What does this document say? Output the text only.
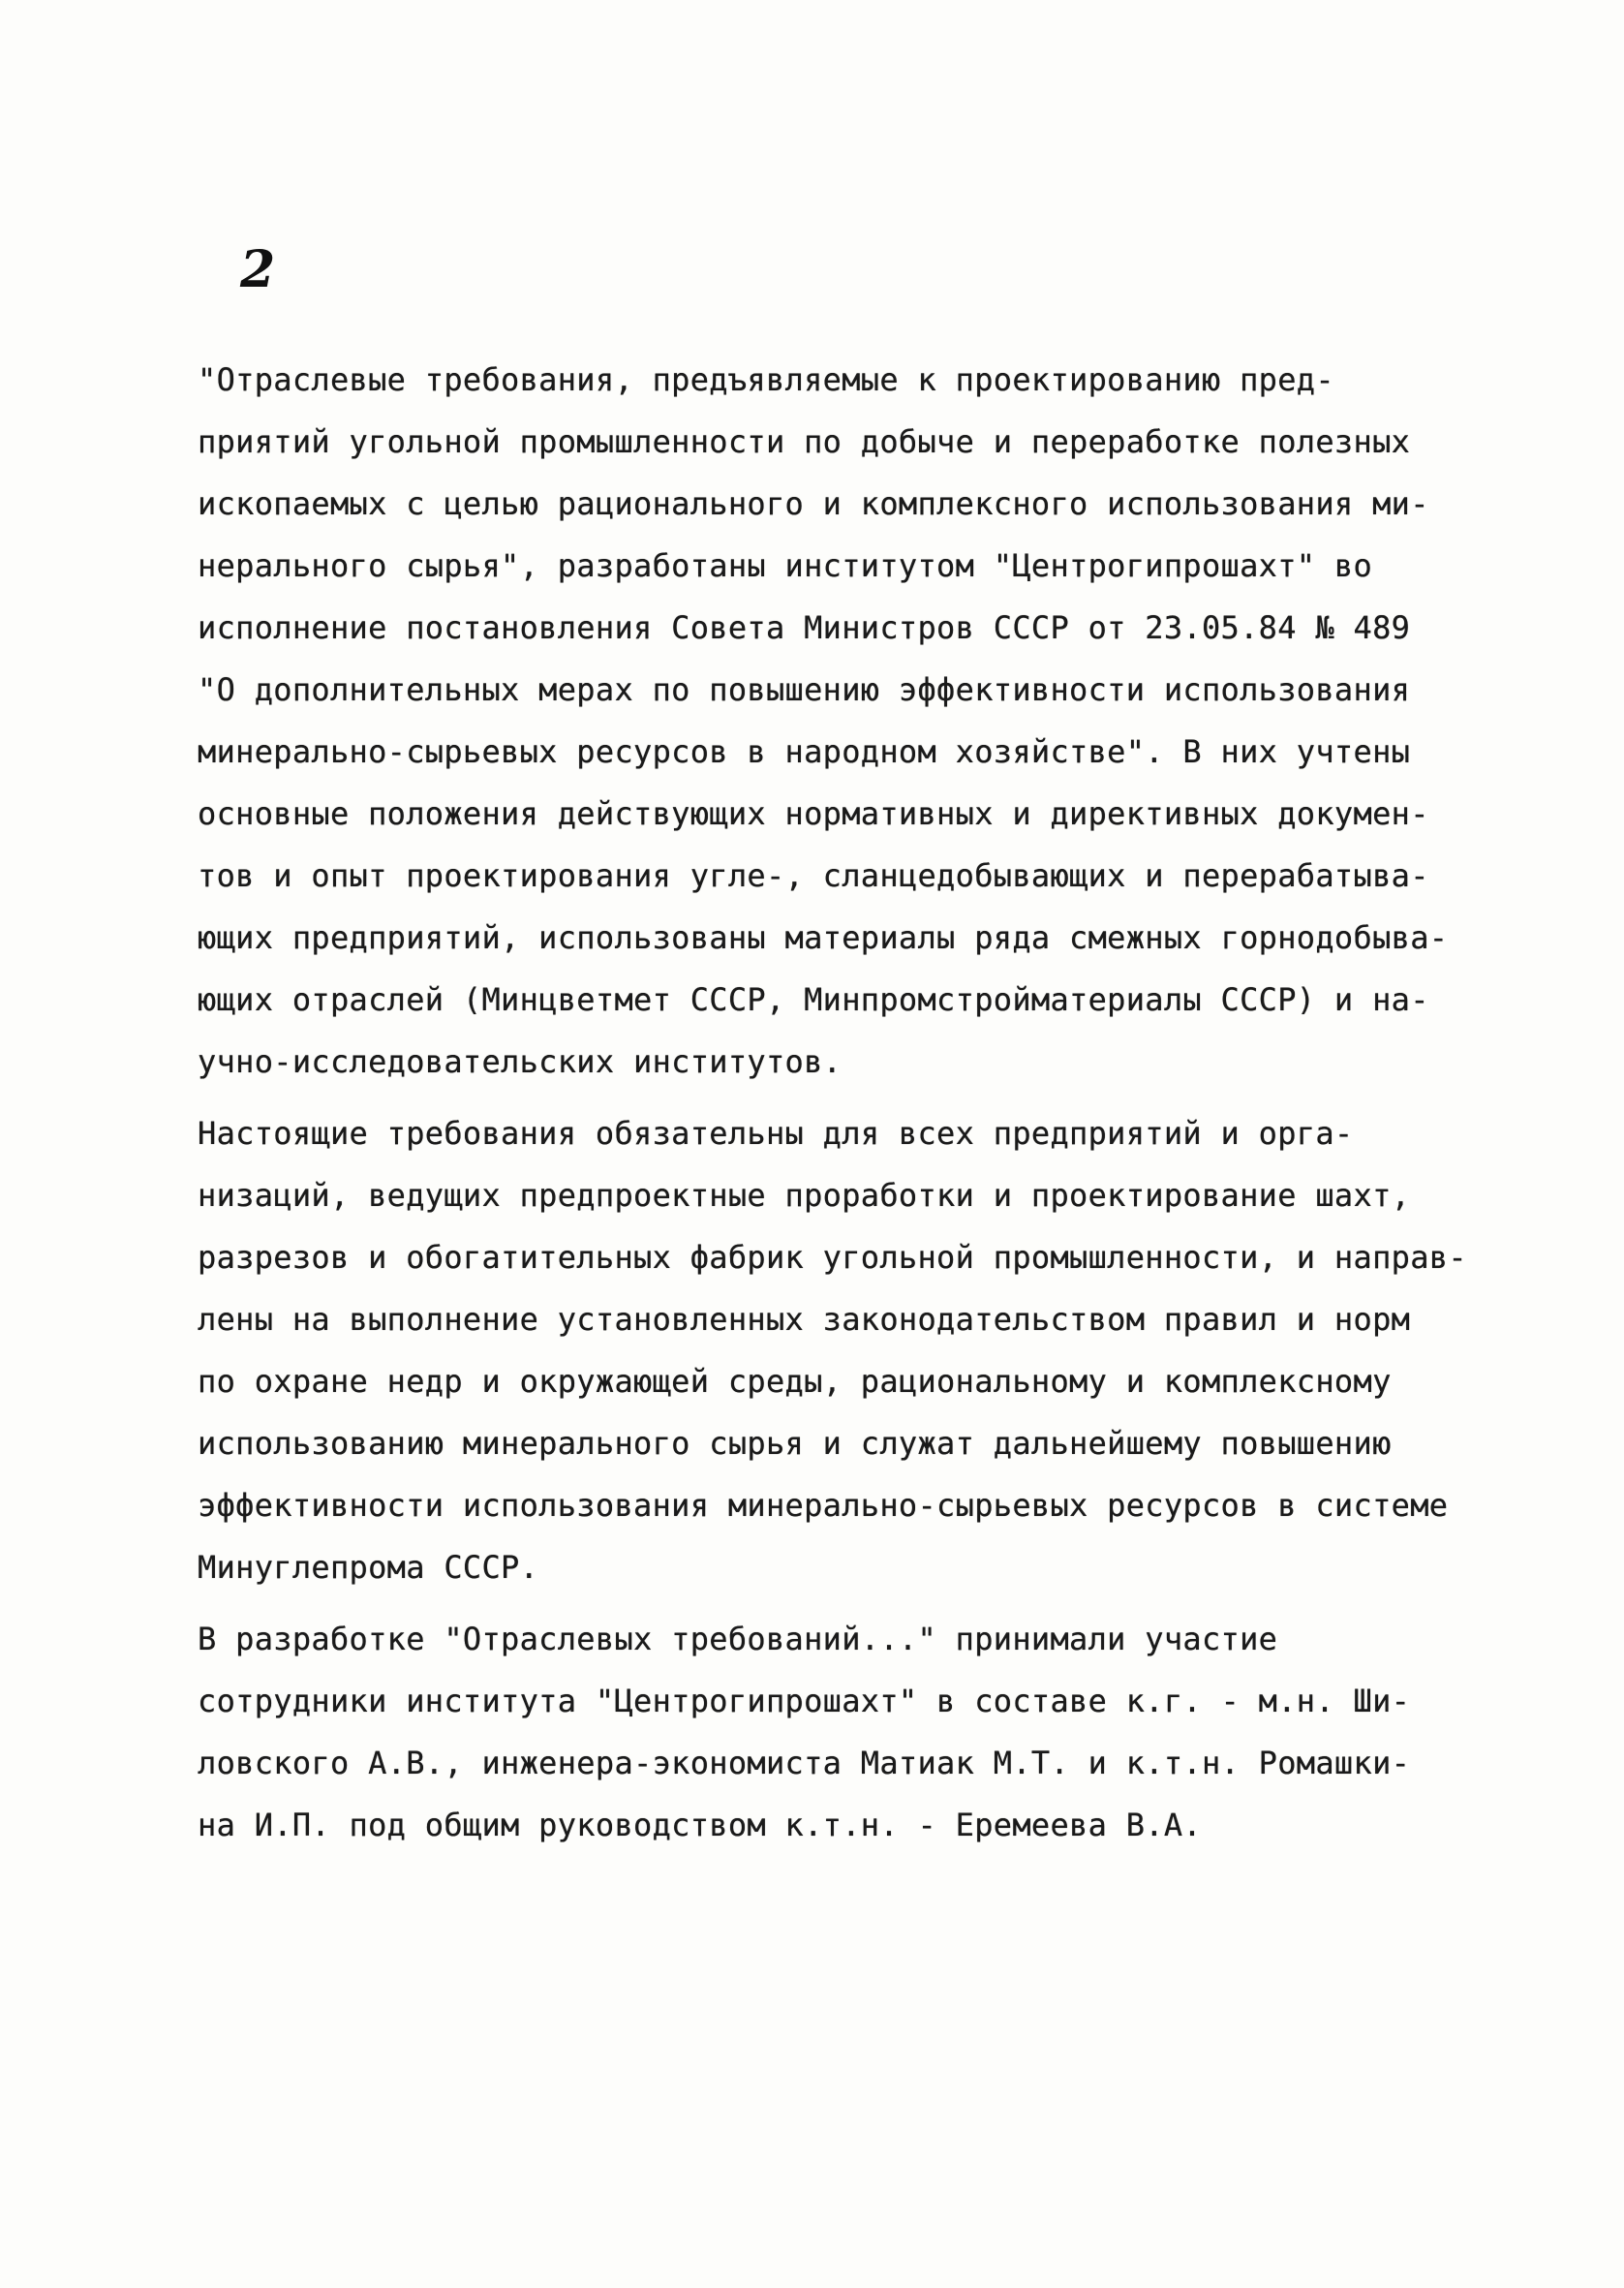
2
"Отраслевые требования, предъявляемые к проектированию пред-
приятий угольной промышленности по добыче и переработке полезных
ископаемых с целью рационального и комплексного использования ми-
нерального сырья", разработаны институтом "Центрогипрошахт" во
исполнение постановления Совета Министров СССР от 23.05.84 № 489
"О дополнительных мерах по повышению эффективности использования
минерально-сырьевых ресурсов в народном хозяйстве". В них учтены
основные положения действующих нормативных и директивных докумен-
тов и опыт проектирования угле-, сланцедобывающих и перерабатыва-
ющих предприятий, использованы материалы ряда смежных горнодобыва-
ющих отраслей (Минцветмет СССР, Минпромстройматериалы СССР) и на-
учно-исследовательских институтов.
Настоящие требования обязательны для всех предприятий и орга-
низаций, ведущих предпроектные проработки и проектирование шахт,
разрезов и обогатительных фабрик угольной промышленности, и направ-
лены на выполнение установленных законодательством правил и норм
по охране недр и окружающей среды, рациональному и комплексному
использованию минерального сырья и служат дальнейшему повышению
эффективности использования минерально-сырьевых ресурсов в системе
Минуглепрома СССР.
В разработке "Отраслевых требований..." принимали участие
сотрудники института "Центрогипрошахт" в составе к.г. - м.н. Ши-
ловского А.В., инженера-экономиста Матиак М.Т. и к.т.н. Ромашки-
на И.П. под общим руководством к.т.н. - Еремеева В.А.
